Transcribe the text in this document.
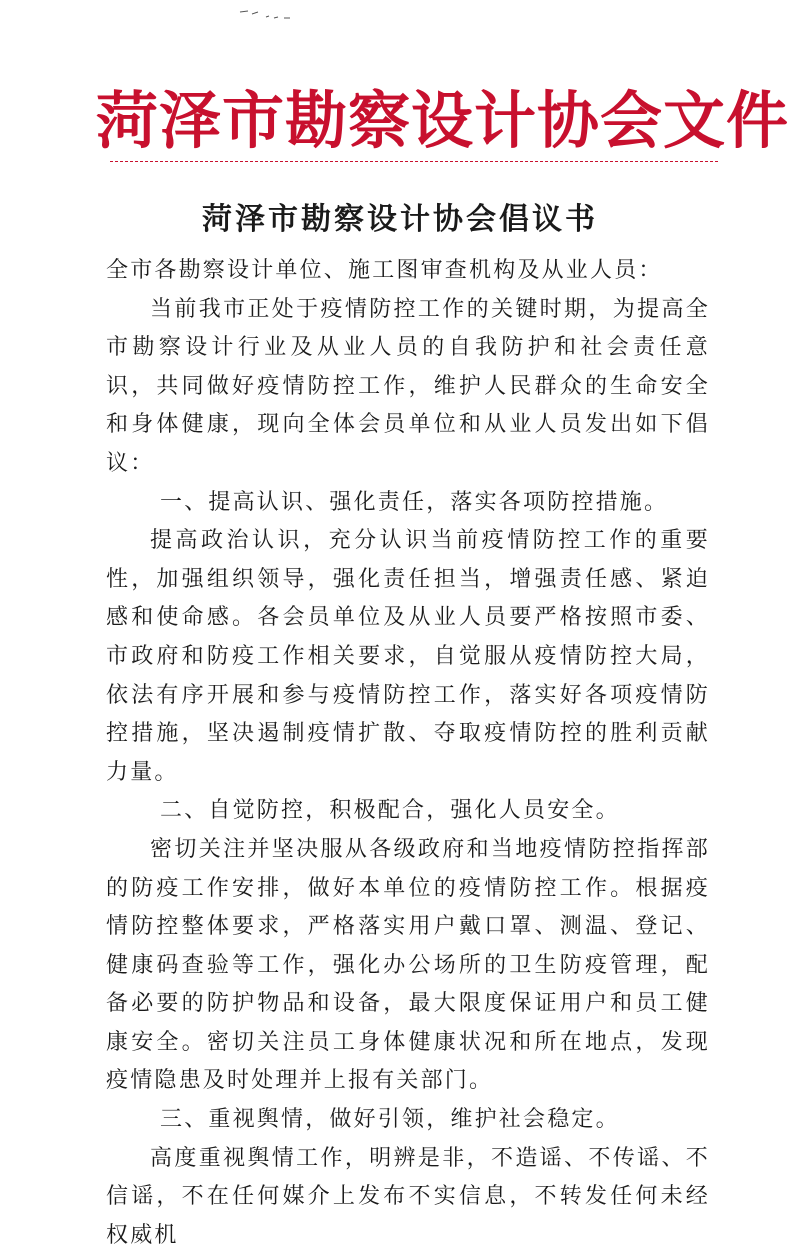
菏泽市勘察设计协会文件
菏泽市勘察设计协会倡议书

全市各勘察设计单位、施工图审查机构及从业人员：

当前我市正处于疫情防控工作的关键时期，为提高全市勘察设计行业及从业人员的自我防护和社会责任意识，共同做好疫情防控工作，维护人民群众的生命安全和身体健康，现向全体会员单位和从业人员发出如下倡议：

一、提高认识、强化责任，落实各项防控措施。

提高政治认识，充分认识当前疫情防控工作的重要性，加强组织领导，强化责任担当，增强责任感、紧迫感和使命感。各会员单位及从业人员要严格按照市委、市政府和防疫工作相关要求，自觉服从疫情防控大局，依法有序开展和参与疫情防控工作，落实好各项疫情防控措施，坚决遏制疫情扩散、夺取疫情防控的胜利贡献力量。

二、自觉防控，积极配合，强化人员安全。

密切关注并坚决服从各级政府和当地疫情防控指挥部的防疫工作安排，做好本单位的疫情防控工作。根据疫情防控整体要求，严格落实用户戴口罩、测温、登记、健康码查验等工作，强化办公场所的卫生防疫管理，配备必要的防护物品和设备，最大限度保证用户和员工健康安全。密切关注员工身体健康状况和所在地点，发现疫情隐患及时处理并上报有关部门。

三、重视舆情，做好引领，维护社会稳定。

高度重视舆情工作，明辨是非，不造谣、不传谣、不信谣，不在任何媒介上发布不实信息，不转发任何未经权威机
